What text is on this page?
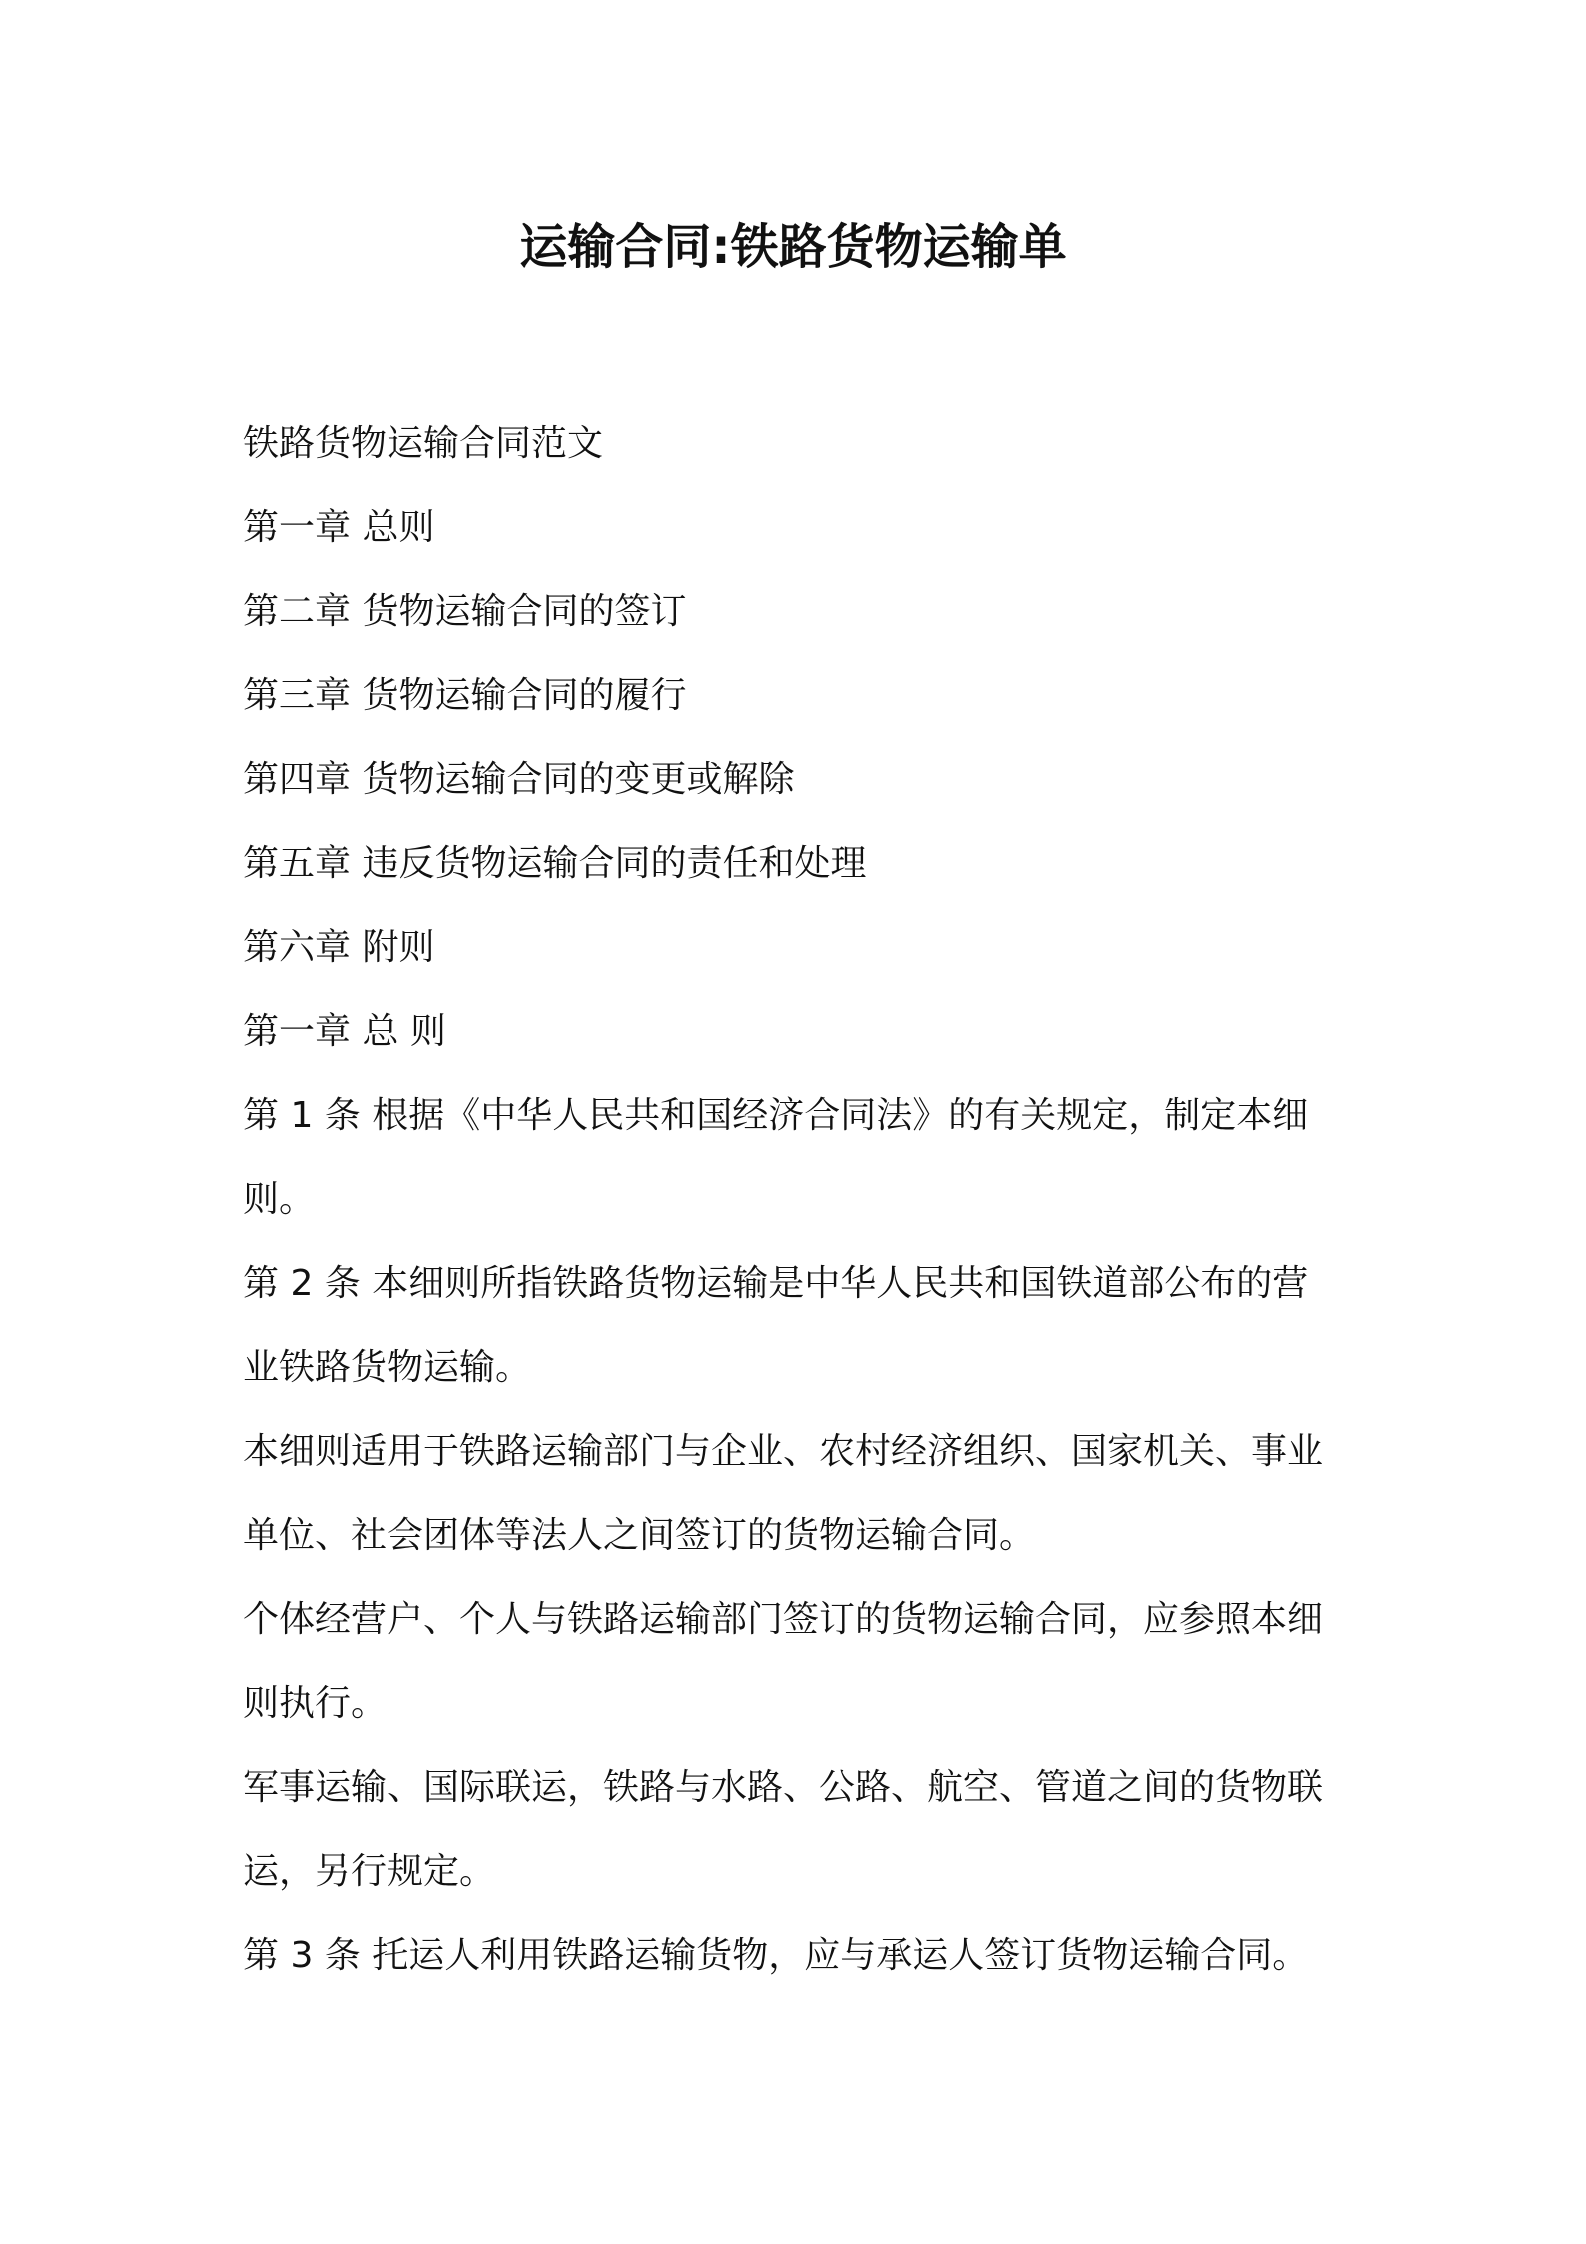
运输合同:铁路货物运输单

铁路货物运输合同范文

第一章 总则

第二章 货物运输合同的签订

第三章 货物运输合同的履行

第四章 货物运输合同的变更或解除

第五章 违反货物运输合同的责任和处理

第六章 附则

第一章 总 则

第 1 条 根据《中华人民共和国经济合同法》的有关规定，制定本细

则。

第 2 条 本细则所指铁路货物运输是中华人民共和国铁道部公布的营

业铁路货物运输。

本细则适用于铁路运输部门与企业、农村经济组织、国家机关、事业

单位、社会团体等法人之间签订的货物运输合同。

个体经营户、个人与铁路运输部门签订的货物运输合同，应参照本细

则执行。

军事运输、国际联运，铁路与水路、公路、航空、管道之间的货物联

运，另行规定。

第 3 条 托运人利用铁路运输货物，应与承运人签订货物运输合同。
